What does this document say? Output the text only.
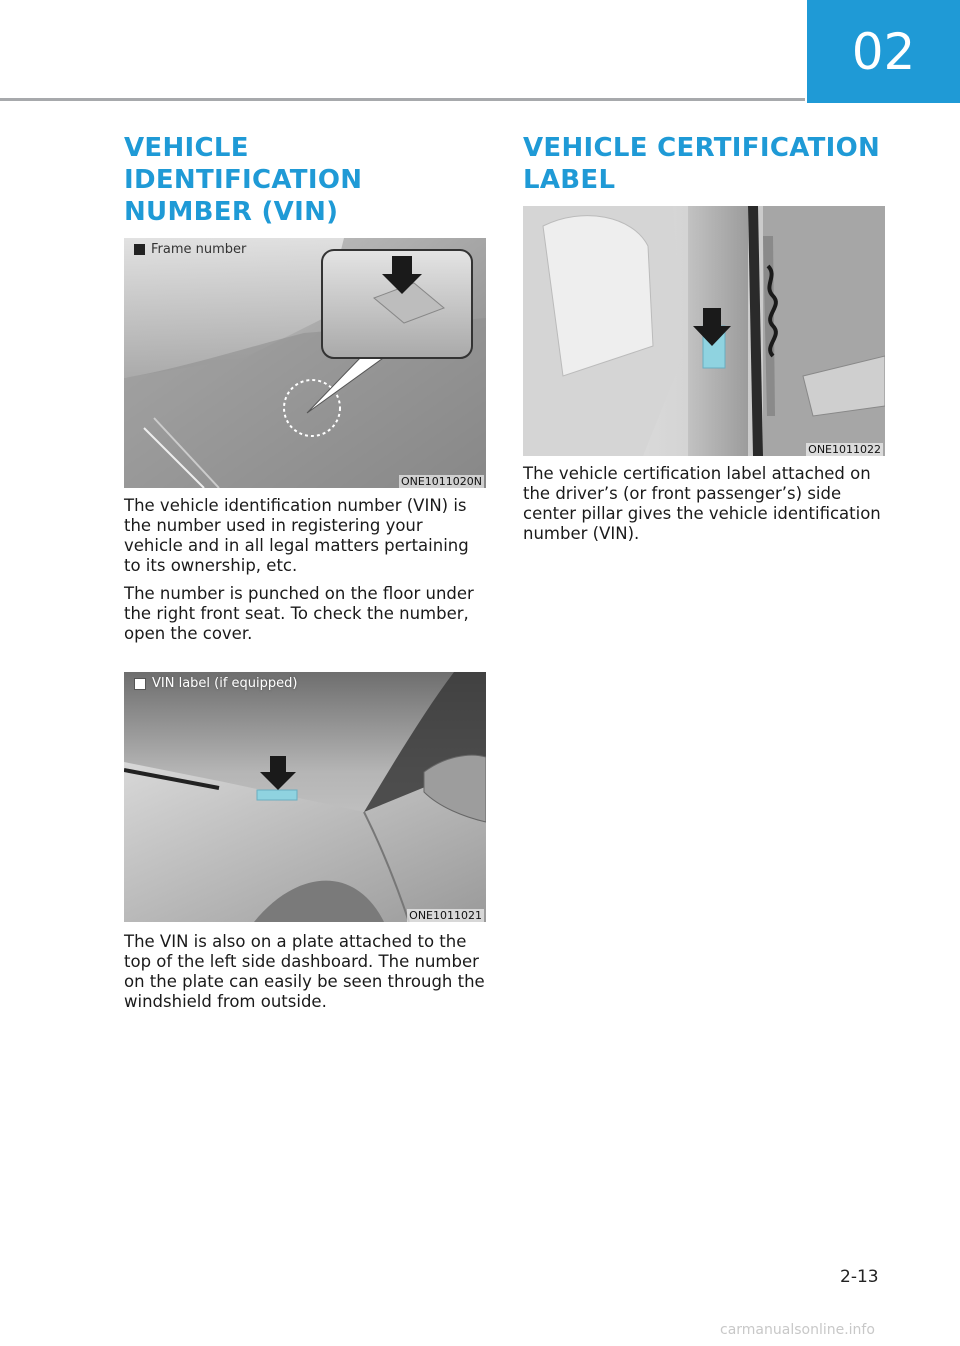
02
VEHICLE IDENTIFICATION NUMBER (VIN)
Frame number
ONE1011020N

The vehicle identification number (VIN) is the number used in registering your vehicle and in all legal matters pertaining to its ownership, etc.

The number is punched on the floor under the right front seat. To check the number, open the cover.

VIN label (if equipped)
ONE1011021

The VIN is also on a plate attached to the top of the left side dashboard. The number on the plate can easily be seen through the windshield from outside.

VEHICLE CERTIFICATION LABEL
ONE1011022

The vehicle certification label attached on the driver’s (or front passenger’s) side center pillar gives the vehicle identification number (VIN).

2-13
carmanualsonline.info
